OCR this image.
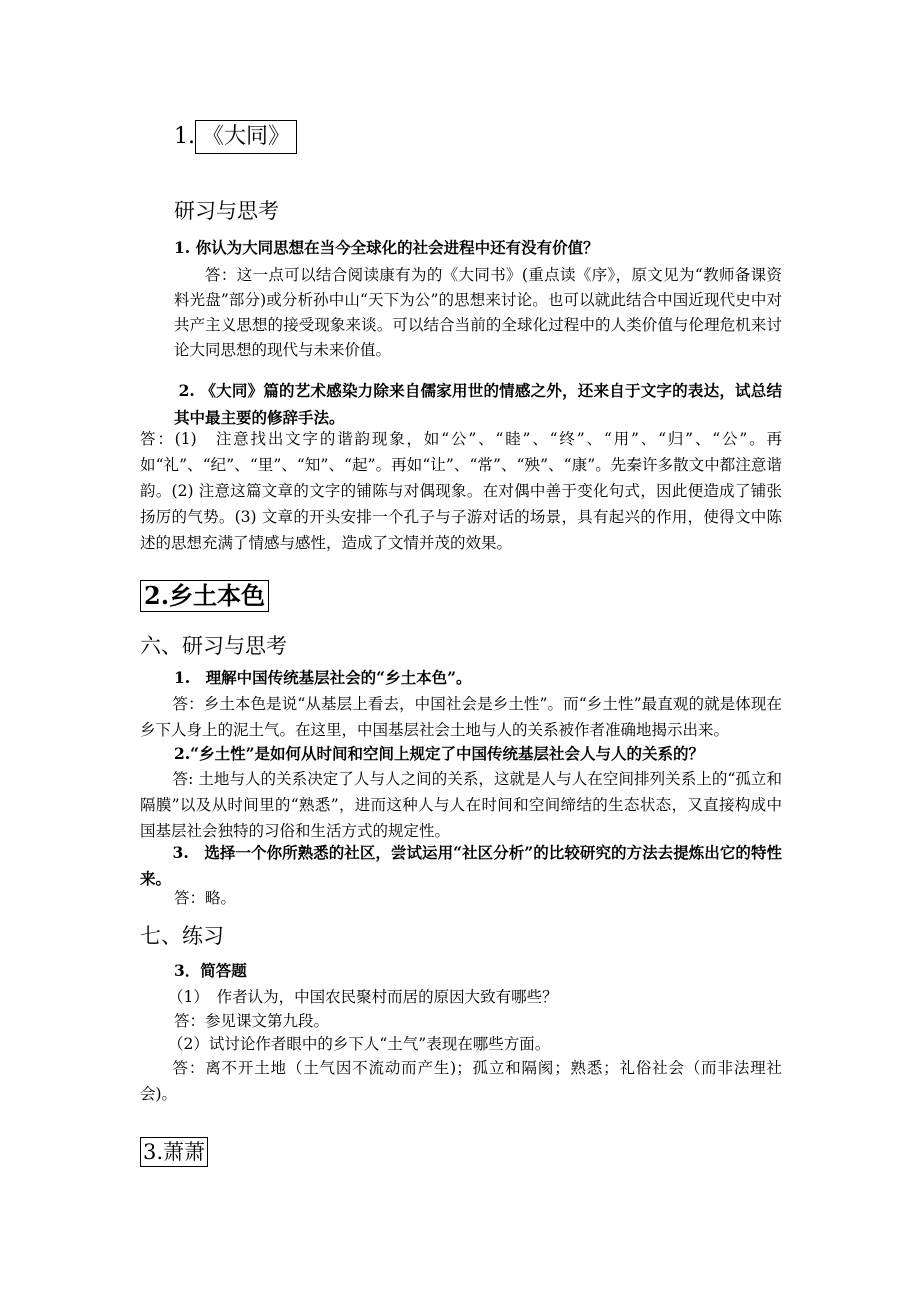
1. 《大同》
研习与思考
1. 你认为大同思想在当今全球化的社会进程中还有没有价值？
答：这一点可以结合阅读康有为的《大同书》(重点读《序》，原文见为“教师备课资料光盘”部分)或分析孙中山“天下为公”的思想来讨论。也可以就此结合中国近现代史中对共产主义思想的接受现象来谈。可以结合当前的全球化过程中的人类价值与伦理危机来讨论大同思想的现代与未来价值。
2. 《大同》篇的艺术感染力除来自儒家用世的情感之外，还来自于文字的表达，试总结其中最主要的修辞手法。
答：(1)　注意找出文字的谐韵现象，如“公”、“睦”、“终”、“用”、“归”、“公”。再如“礼”、“纪”、“里”、“知”、“起”。再如“让”、“常”、“殃”、“康”。先秦许多散文中都注意谐韵。(2) 注意这篇文章的文字的铺陈与对偶现象。在对偶中善于变化句式，因此便造成了铺张扬厉的气势。(3) 文章的开头安排一个孔子与子游对话的场景，具有起兴的作用，使得文中陈述的思想充满了情感与感性，造成了文情并茂的效果。
2.乡土本色
六、研习与思考
1.　理解中国传统基层社会的“乡土本色”。
答：乡土本色是说“从基层上看去，中国社会是乡土性”。而“乡土性”最直观的就是体现在乡下人身上的泥土气。在这里，中国基层社会土地与人的关系被作者准确地揭示出来。
2.“乡土性”是如何从时间和空间上规定了中国传统基层社会人与人的关系的？
答: 土地与人的关系决定了人与人之间的关系，这就是人与人在空间排列关系上的“孤立和隔膜”以及从时间里的“熟悉”，进而这种人与人在时间和空间缔结的生态状态，又直接构成中国基层社会独特的习俗和生活方式的规定性。
3.　选择一个你所熟悉的社区，尝试运用“社区分析”的比较研究的方法去提炼出它的特性来。
答：略。
七、练习
3．简答题
（1）　作者认为，中国农民聚村而居的原因大致有哪些？
答：参见课文第九段。
（2）试讨论作者眼中的乡下人“土气”表现在哪些方面。
答：离不开土地（土气因不流动而产生)；孤立和隔阂；熟悉；礼俗社会（而非法理社会)。
3.萧萧
